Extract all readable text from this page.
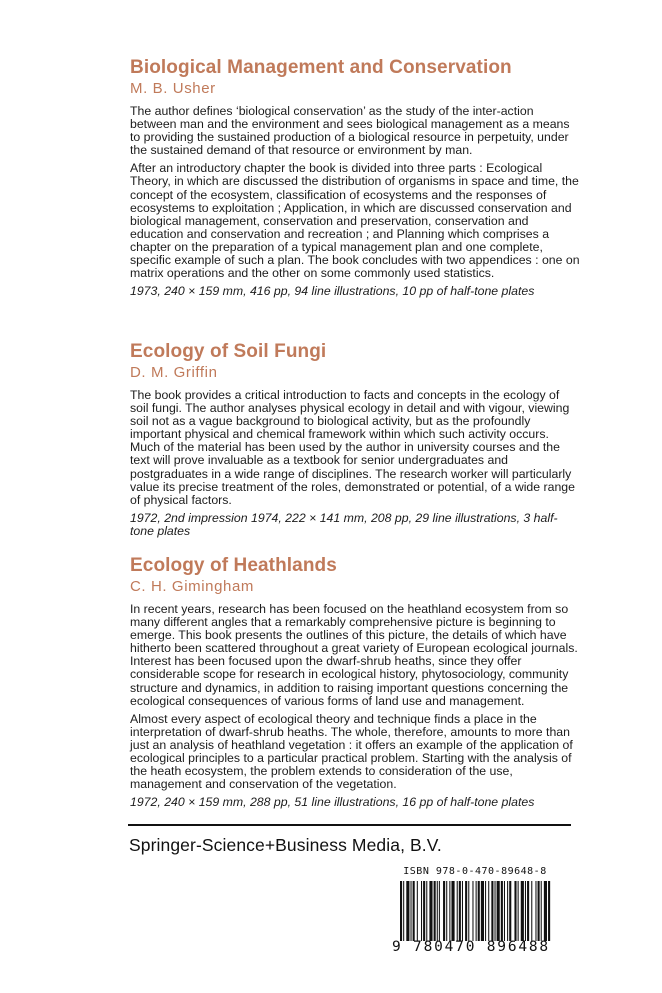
Biological Management and Conservation
M. B. Usher

The author defines ‘biological conservation’ as the study of the inter-action between man and the environment and sees biological management as a means to providing the sustained production of a biological resource in perpetuity, under the sustained demand of that resource or environment by man.

After an introductory chapter the book is divided into three parts : Ecological Theory, in which are discussed the distribution of organisms in space and time, the concept of the ecosystem, classification of ecosystems and the responses of ecosystems to exploitation ; Application, in which are discussed conservation and biological management, conservation and preservation, conservation and education and conservation and recreation ; and Planning which comprises a chapter on the preparation of a typical management plan and one complete, specific example of such a plan. The book concludes with two appendices : one on matrix operations and the other on some commonly used statistics.

1973, 240 × 159 mm, 416 pp, 94 line illustrations, 10 pp of half-tone plates

Ecology of Soil Fungi
D. M. Griffin

The book provides a critical introduction to facts and concepts in the ecology of soil fungi. The author analyses physical ecology in detail and with vigour, viewing soil not as a vague background to biological activity, but as the profoundly important physical and chemical framework within which such activity occurs. Much of the material has been used by the author in university courses and the text will prove invaluable as a textbook for senior undergraduates and postgraduates in a wide range of disciplines. The research worker will particularly value its precise treatment of the roles, demonstrated or potential, of a wide range of physical factors.

1972, 2nd impression 1974, 222 × 141 mm, 208 pp, 29 line illustrations, 3 half-tone plates

Ecology of Heathlands
C. H. Gimingham

In recent years, research has been focused on the heathland ecosystem from so many different angles that a remarkably comprehensive picture is beginning to emerge. This book presents the outlines of this picture, the details of which have hitherto been scattered throughout a great variety of European ecological journals. Interest has been focused upon the dwarf-shrub heaths, since they offer considerable scope for research in ecological history, phytosociology, community structure and dynamics, in addition to raising important questions concerning the ecological consequences of various forms of land use and management.

Almost every aspect of ecological theory and technique finds a place in the interpretation of dwarf-shrub heaths. The whole, therefore, amounts to more than just an analysis of heathland vegetation : it offers an example of the application of ecological principles to a particular practical problem. Starting with the analysis of the heath ecosystem, the problem extends to consideration of the use, management and conservation of the vegetation.

1972, 240 × 159 mm, 288 pp, 51 line illustrations, 16 pp of half-tone plates

Springer-Science+Business Media, B.V.
ISBN 978-0-470-89648-8
9 780470 896488
